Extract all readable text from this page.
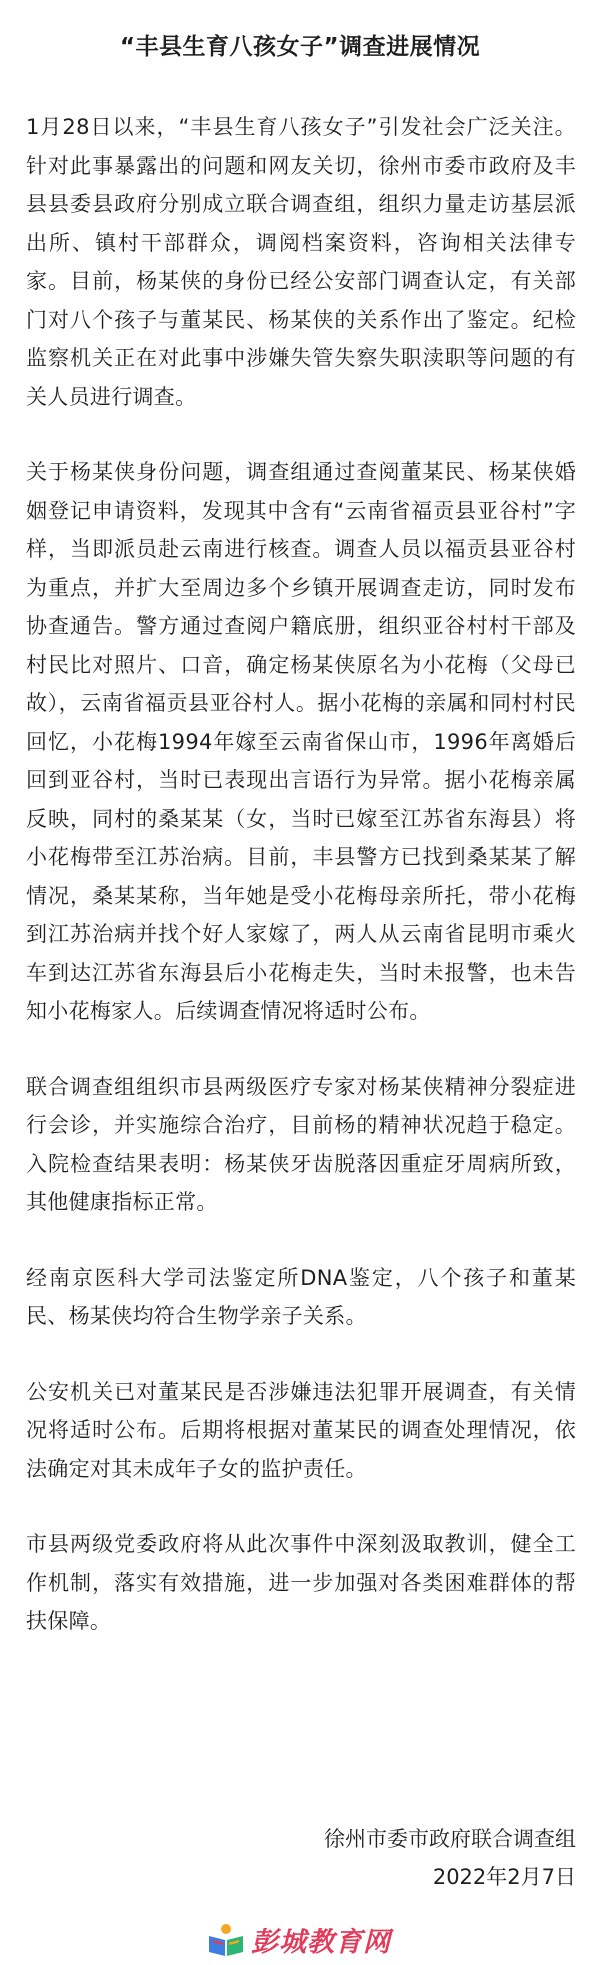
“丰县生育八孩女子”调查进展情况

1月28日以来，“丰县生育八孩女子”引发社会广泛关注。针对此事暴露出的问题和网友关切，徐州市委市政府及丰县县委县政府分别成立联合调查组，组织力量走访基层派出所、镇村干部群众，调阅档案资料，咨询相关法律专家。目前，杨某侠的身份已经公安部门调查认定，有关部门对八个孩子与董某民、杨某侠的关系作出了鉴定。纪检监察机关正在对此事中涉嫌失管失察失职渎职等问题的有关人员进行调查。

关于杨某侠身份问题，调查组通过查阅董某民、杨某侠婚姻登记申请资料，发现其中含有“云南省福贡县亚谷村”字样，当即派员赴云南进行核查。调查人员以福贡县亚谷村为重点，并扩大至周边多个乡镇开展调查走访，同时发布协查通告。警方通过查阅户籍底册，组织亚谷村村干部及村民比对照片、口音，确定杨某侠原名为小花梅（父母已故），云南省福贡县亚谷村人。据小花梅的亲属和同村村民回忆，小花梅1994年嫁至云南省保山市，1996年离婚后回到亚谷村，当时已表现出言语行为异常。据小花梅亲属反映，同村的桑某某（女，当时已嫁至江苏省东海县）将小花梅带至江苏治病。目前，丰县警方已找到桑某某了解情况，桑某某称，当年她是受小花梅母亲所托，带小花梅到江苏治病并找个好人家嫁了，两人从云南省昆明市乘火车到达江苏省东海县后小花梅走失，当时未报警，也未告知小花梅家人。后续调查情况将适时公布。

联合调查组组织市县两级医疗专家对杨某侠精神分裂症进行会诊，并实施综合治疗，目前杨的精神状况趋于稳定。入院检查结果表明：杨某侠牙齿脱落因重症牙周病所致，其他健康指标正常。

经南京医科大学司法鉴定所DNA鉴定，八个孩子和董某民、杨某侠均符合生物学亲子关系。

公安机关已对董某民是否涉嫌违法犯罪开展调查，有关情况将适时公布。后期将根据对董某民的调查处理情况，依法确定对其未成年子女的监护责任。

市县两级党委政府将从此次事件中深刻汲取教训，健全工作机制，落实有效措施，进一步加强对各类困难群体的帮扶保障。

徐州市委市政府联合调查组
2022年2月7日
彭城教育网
